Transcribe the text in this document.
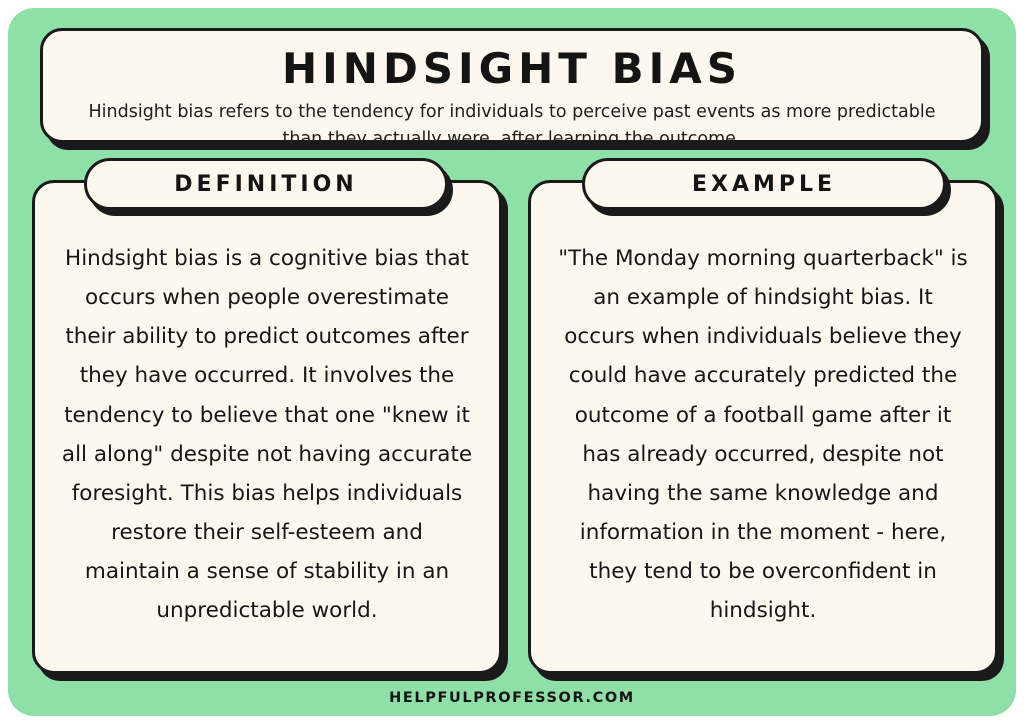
HINDSIGHT BIAS
Hindsight bias refers to the tendency for individuals to perceive past events as more predictable than they actually were, after learning the outcome.
Hindsight bias is a cognitive bias that occurs when people overestimate their ability to predict outcomes after they have occurred. It involves the tendency to believe that one "knew it all along" despite not having accurate foresight. This bias helps individuals restore their self-esteem and maintain a sense of stability in an unpredictable world.
DEFINITION
"The Monday morning quarterback" is an example of hindsight bias. It occurs when individuals believe they could have accurately predicted the outcome of a football game after it has already occurred, despite not having the same knowledge and information in the moment - here, they tend to be overconfident in hindsight.
EXAMPLE
HELPFULPROFESSOR.COM
